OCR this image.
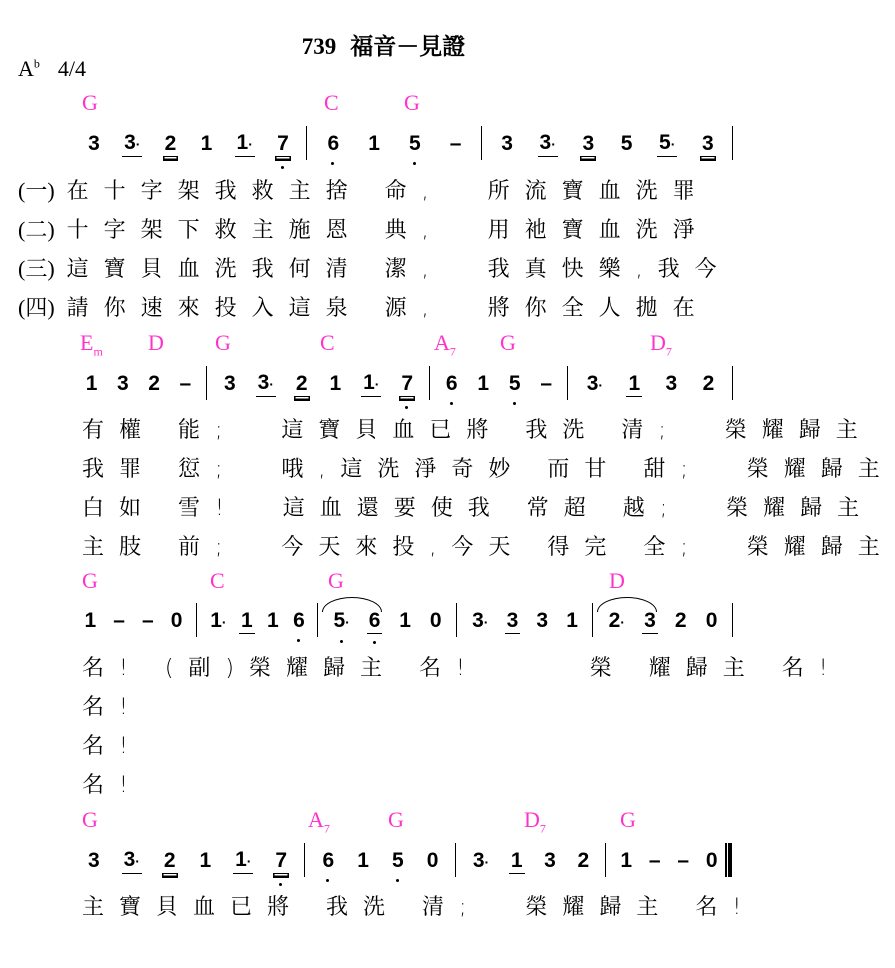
739 福音－見證
$A^b$ 4/4
G	C	G
3 3· 2 1 1· 7 6 1 5 – 3 3· 3 5 5· 3
(一) 在十字架我救主捨 命,  所流寶血洗罪
(二) 十字架下救主施恩 典,  用祂寶血洗淨
(三) 這寶貝血洗我何清 潔,  我真快樂,我今
(四) 請你速來投入這泉 源,  將你全人拋在
$E_m$ D G	C	$A_7$ G	$D_7$
1 3 2 – 3 3· 2 1 1· 7 6 1 5 – 3· 1 3 2
有權 能;  這寶貝血已將 我洗 清;  榮耀歸主
我罪 愆;  哦,這洗淨奇妙 而甘 甜;  榮耀歸主
白如 雪!  這血還要使我 常超 越;  榮耀歸主
主肢 前;  今天來投,今天 得完 全;  榮耀歸主
G	C	G	D
1 – – 0 1· 1 1 6 5· 6 1 0 3· 3 3 1 2· 3 2 0
名! (副)榮耀歸主 名!     榮 耀歸主 名!
名!
名!
名!
G	$A_7$	G	$D_7$	G
3 3· 2 1 1· 7 6 1 5 0 3· 1 3 2 1 – – 0
主寶貝血已將 我洗 清;  榮耀歸主 名!
